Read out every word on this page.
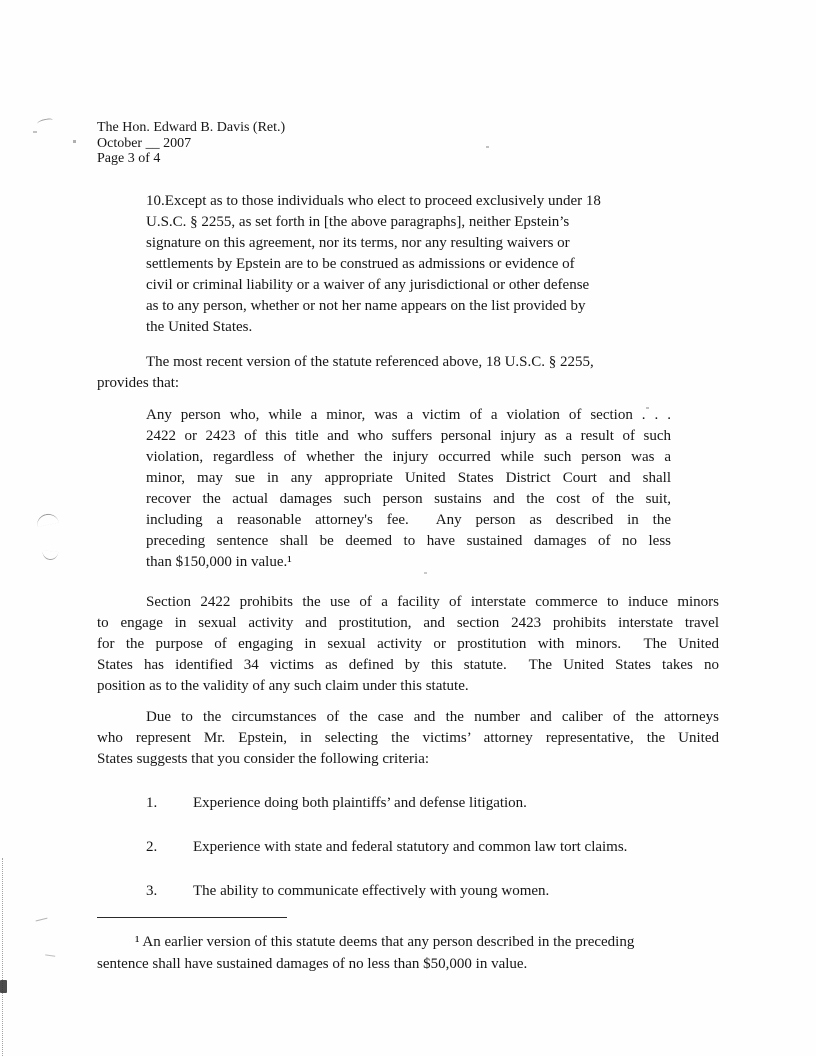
The Hon. Edward B. Davis (Ret.)
October __ 2007
Page 3 of 4
10.Except as to those individuals who elect to proceed exclusively under 18
U.S.C. § 2255, as set forth in [the above paragraphs], neither Epstein’s
signature on this agreement, nor its terms, nor any resulting waivers or
settlements by Epstein are to be construed as admissions or evidence of
civil or criminal liability or a waiver of any jurisdictional or other defense
as to any person, whether or not her name appears on the list provided by
the United States.
The most recent version of the statute referenced above, 18 U.S.C. § 2255,
provides that:
Any person who, while a minor, was a victim of a violation of section . . .
2422 or 2423 of this title and who suffers personal injury as a result of such
violation, regardless of whether the injury occurred while such person was a
minor, may sue in any appropriate United States District Court and shall
recover the actual damages such person sustains and the cost of the suit,
including a reasonable attorney's fee.  Any person as described in the
preceding sentence shall be deemed to have sustained damages of no less
than $150,000 in value.¹
Section 2422 prohibits the use of a facility of interstate commerce to induce minors
to engage in sexual activity and prostitution, and section 2423 prohibits interstate travel
for the purpose of engaging in sexual activity or prostitution with minors.  The United
States has identified 34 victims as defined by this statute.  The United States takes no
position as to the validity of any such claim under this statute.
Due to the circumstances of the case and the number and caliber of the attorneys
who represent Mr. Epstein, in selecting the victims’ attorney representative, the United
States suggests that you consider the following criteria:
1. Experience doing both plaintiffs’ and defense litigation.
2. Experience with state and federal statutory and common law tort claims.
3. The ability to communicate effectively with young women.
¹ An earlier version of this statute deems that any person described in the preceding
sentence shall have sustained damages of no less than $50,000 in value.
